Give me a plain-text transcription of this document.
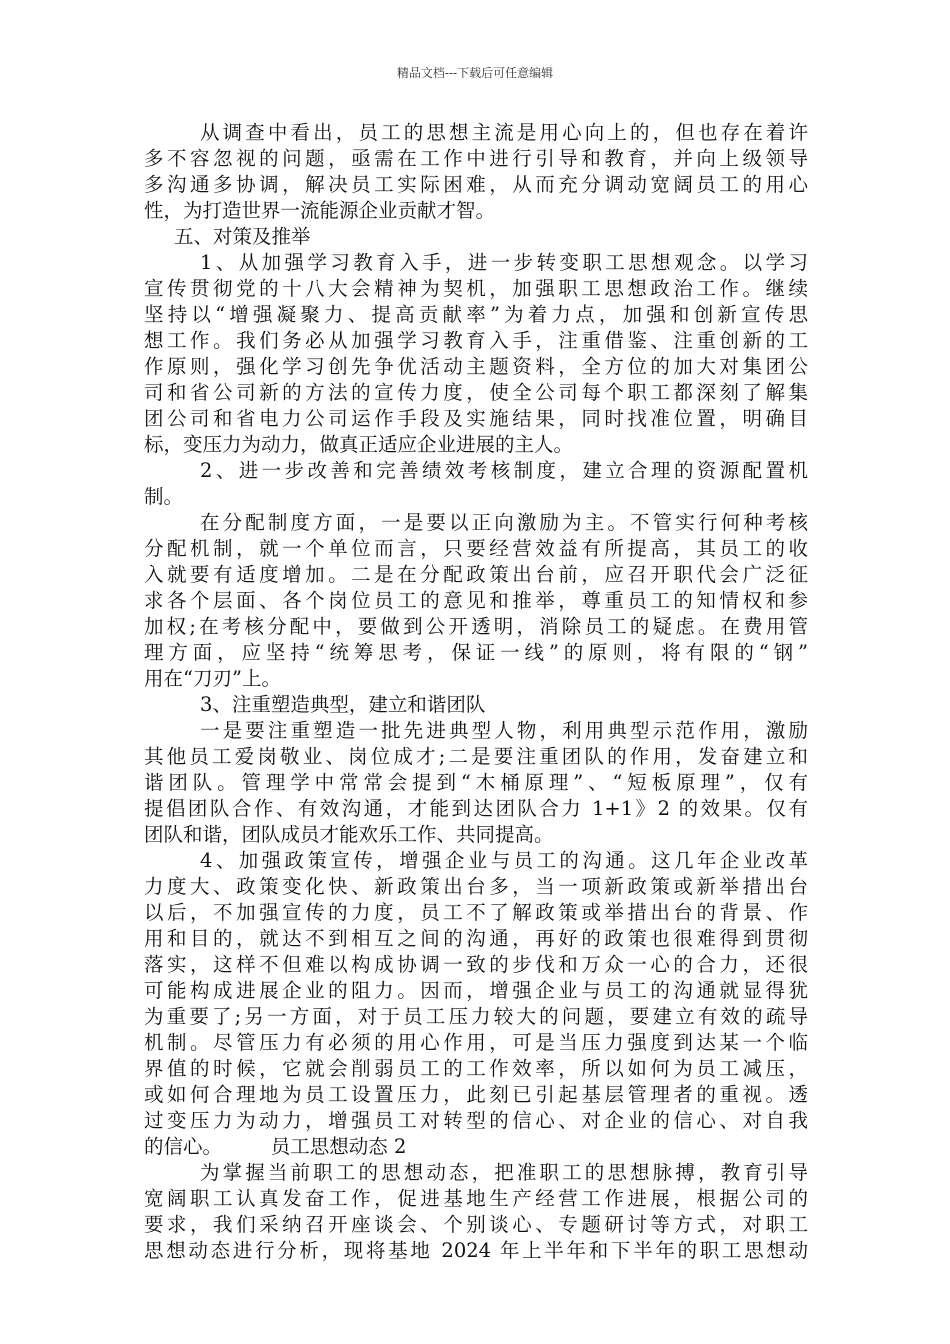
精品文档---下载后可任意编辑
从调查中看出，员工的思想主流是用心向上的，但也存在着许
多不容忽视的问题，亟需在工作中进行引导和教育，并向上级领导
多沟通多协调，解决员工实际困难，从而充分调动宽阔员工的用心
性，为打造世界一流能源企业贡献才智。
五、对策及推举
1、从加强学习教育入手，进一步转变职工思想观念。以学习
宣传贯彻党的十八大会精神为契机，加强职工思想政治工作。继续
坚持以“增强凝聚力、提高贡献率”为着力点，加强和创新宣传思
想工作。我们务必从加强学习教育入手，注重借鉴、注重创新的工
作原则，强化学习创先争优活动主题资料，全方位的加大对集团公
司和省公司新的方法的宣传力度，使全公司每个职工都深刻了解集
团公司和省电力公司运作手段及实施结果，同时找准位置，明确目
标，变压力为动力，做真正适应企业进展的主人。
2、进一步改善和完善绩效考核制度，建立合理的资源配置机
制。
在分配制度方面，一是要以正向激励为主。不管实行何种考核
分配机制，就一个单位而言，只要经营效益有所提高，其员工的收
入就要有适度增加。二是在分配政策出台前，应召开职代会广泛征
求各个层面、各个岗位员工的意见和推举，尊重员工的知情权和参
加权;在考核分配中，要做到公开透明，消除员工的疑虑。在费用管
理方面，应坚持“统筹思考，保证一线”的原则，将有限的“钢”
用在“刀刃”上。
3、注重塑造典型，建立和谐团队
一是要注重塑造一批先进典型人物，利用典型示范作用，激励
其他员工爱岗敬业、岗位成才;二是要注重团队的作用，发奋建立和
谐团队。管理学中常常会提到“木桶原理”、“短板原理”，仅有
提倡团队合作、有效沟通，才能到达团队合力 1+1》2 的效果。仅有
团队和谐，团队成员才能欢乐工作、共同提高。
4、加强政策宣传，增强企业与员工的沟通。这几年企业改革
力度大、政策变化快、新政策出台多，当一项新政策或新举措出台
以后，不加强宣传的力度，员工不了解政策或举措出台的背景、作
用和目的，就达不到相互之间的沟通，再好的政策也很难得到贯彻
落实，这样不但难以构成协调一致的步伐和万众一心的合力，还很
可能构成进展企业的阻力。因而，增强企业与员工的沟通就显得犹
为重要了;另一方面，对于员工压力较大的问题，要建立有效的疏导
机制。尽管压力有必须的用心作用，可是当压力强度到达某一个临
界值的时候，它就会削弱员工的工作效率，所以如何为员工减压，
或如何合理地为员工设置压力，此刻已引起基层管理者的重视。透
过变压力为动力，增强员工对转型的信心、对企业的信心、对自我
的信心。　　　员工思想动态 2
为掌握当前职工的思想动态，把准职工的思想脉搏，教育引导
宽阔职工认真发奋工作，促进基地生产经营工作进展，根据公司的
要求，我们采纳召开座谈会、个别谈心、专题研讨等方式，对职工
思想动态进行分析，现将基地 2024 年上半年和下半年的职工思想动
